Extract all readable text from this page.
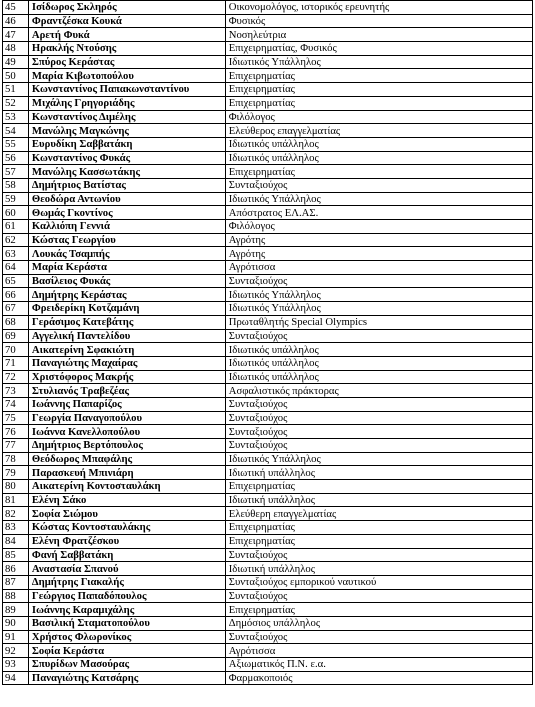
45	Ισίδωρος Σκληρός	Οικονομολόγος, ιστορικός ερευνητής
46	Φραντζέσκα Κουκά	Φυσικός
47	Αρετή Φυκά	Νοσηλεύτρια
48	Ηρακλής Ντούσης	Επιχειρηματίας, Φυσικός
49	Σπύρος Κεράστας	Ιδιωτικός Υπάλληλος
50	Μαρία Κιβωτοπούλου	Επιχειρηματίας
51	Κωνσταντίνος Παπακωνσταντίνου	Επιχειρηματίας
52	Μιχάλης Γρηγοριάδης	Επιχειρηματίας
53	Κωνσταντίνος Διμέλης	Φιλόλογος
54	Μανώλης Μαγκώνης	Ελεύθερος επαγγελματίας
55	Ευρυδίκη Σαββατάκη	Ιδιωτικός υπάλληλος
56	Κωνσταντίνος Φυκάς	Ιδιωτικός υπάλληλος
57	Μανώλης Κασσωτάκης	Επιχειρηματίας
58	Δημήτριος Βατίστας	Συνταξιούχος
59	Θεοδώρα Αντωνίου	Ιδιωτικός Υπάλληλος
60	Θωμάς Γκοντίνος	Απόστρατος ΕΛ.ΑΣ.
61	Καλλιόπη Γεννιά	Φιλόλογος
62	Κώστας Γεωργίου	Αγρότης
63	Λουκάς Τσαμπής	Αγρότης
64	Μαρία Κεράστα	Αγρότισσα
65	Βασίλειος Φυκάς	Συνταξιούχος
66	Δημήτρης Κεράστας	Ιδιωτικός Υπάλληλος
67	Φρειδερίκη Κοτζαμάνη	Ιδιωτικός Υπάλληλος
68	Γεράσιμος Κατεβάτης	Πρωταθλητής Special Olympics
69	Αγγελική Παντελίδου	Συνταξιούχος
70	Αικατερίνη Σφακιώτη	Ιδιωτικός υπάλληλος
71	Παναγιώτης Μαχαίρας	Ιδιωτικός υπάλληλος
72	Χριστόφορος Μακρής	Ιδιωτικός υπάλληλος
73	Στυλιανός Τραβεζέας	Ασφαλιστικός πράκτορας
74	Ιωάννης Παπαρίζος	Συνταξιούχος
75	Γεωργία Παναγοπούλου	Συνταξιούχος
76	Ιωάννα Κανελλοπούλου	Συνταξιούχος
77	Δημήτριος Βερτόπουλος	Συνταξιούχος
78	Θεόδωρος Μπαφάλης	Ιδιωτικός Υπάλληλος
79	Παρασκευή Μπινιάρη	Ιδιωτική υπάλληλος
80	Αικατερίνη Κοντοσταυλάκη	Επιχειρηματίας
81	Ελένη Σάκο	Ιδιωτική υπάλληλος
82	Σοφία Σιώμου	Ελεύθερη επαγγελματίας
83	Κώστας Κοντοσταυλάκης	Επιχειρηματίας
84	Ελένη Φρατζέσκου	Επιχειρηματίας
85	Φανή Σαββατάκη	Συνταξιούχος
86	Αναστασία Σπανού	Ιδιωτική υπάλληλος
87	Δημήτρης Γιακαλής	Συνταξιούχος εμπορικού ναυτικού
88	Γεώργιος Παπαδόπουλος	Συνταξιούχος
89	Ιωάννης Καραμιχάλης	Επιχειρηματίας
90	Βασιλική Σταματοπούλου	Δημόσιος υπάλληλος
91	Χρήστος Φλωρονίκος	Συνταξιούχος
92	Σοφία Κεράστα	Αγρότισσα
93	Σπυρίδων Μασούρας	Αξιωματικός Π.Ν. ε.α.
94	Παναγιώτης Κατσάρης	Φαρμακοποιός
